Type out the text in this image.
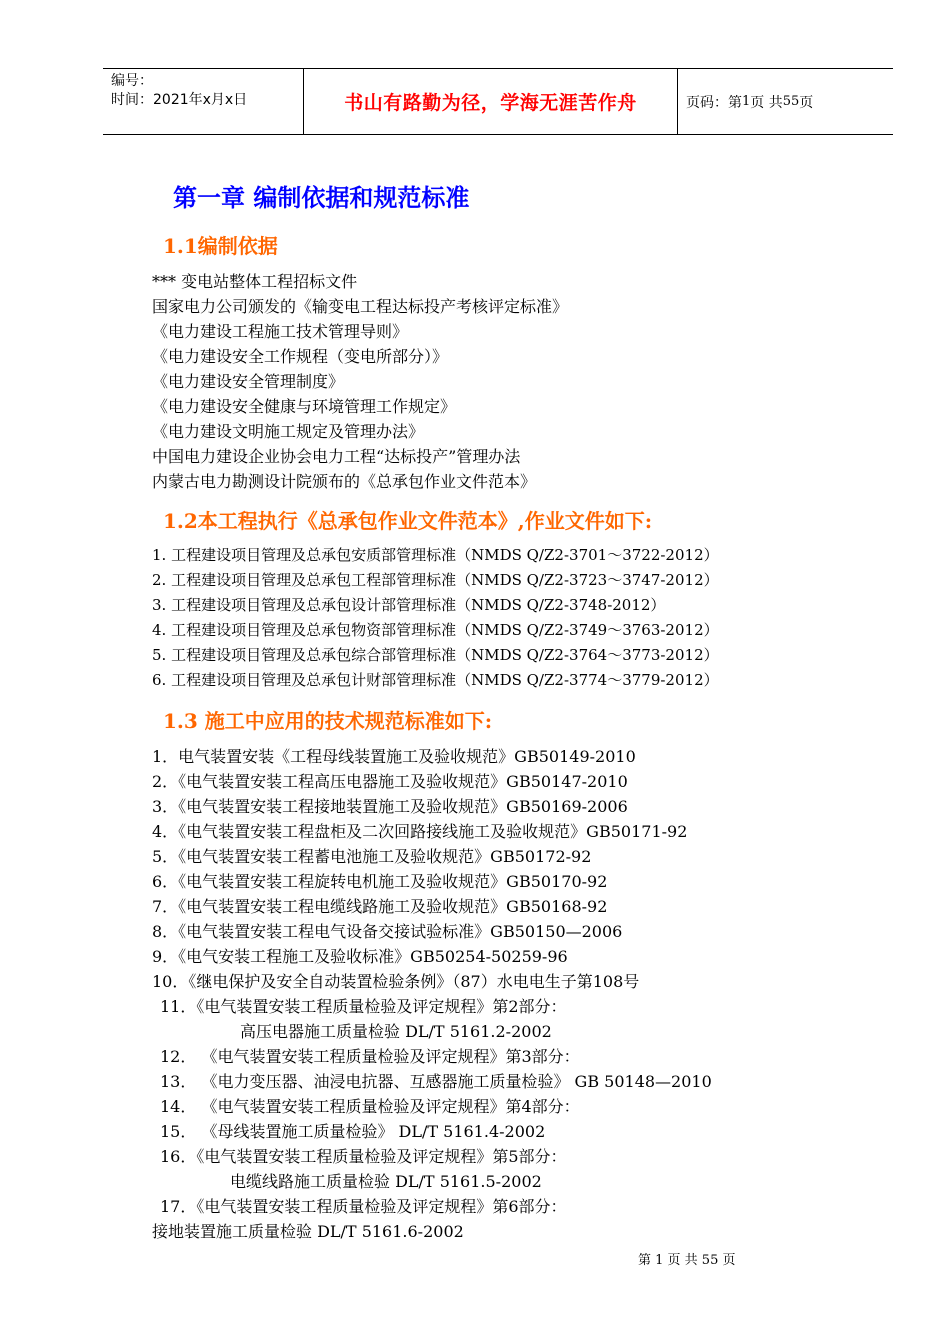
编号：
时间：2021年x月x日	书山有路勤为径，学海无涯苦作舟	页码：第 1 页 共 55 页
第一章 编制依据和规范标准
1.1编制依据
*** 变电站整体工程招标文件
国家电力公司颁发的《输变电工程达标投产考核评定标准》
《电力建设工程施工技术管理导则》
《电力建设安全工作规程（变电所部分）》
《电力建设安全管理制度》
《电力建设安全健康与环境管理工作规定》
《电力建设文明施工规定及管理办法》
中国电力建设企业协会电力工程“达标投产”管理办法
内蒙古电力勘测设计院颁布的《总承包作业文件范本》
1.2本工程执行《总承包作业文件范本》,作业文件如下:
1. 工程建设项目管理及总承包安质部管理标准（NMDS Q/Z2-3701～3722-2012）
2. 工程建设项目管理及总承包工程部管理标准（NMDS Q/Z2-3723～3747-2012）
3. 工程建设项目管理及总承包设计部管理标准（NMDS Q/Z2-3748-2012）
4. 工程建设项目管理及总承包物资部管理标准（NMDS Q/Z2-3749～3763-2012）
5. 工程建设项目管理及总承包综合部管理标准（NMDS Q/Z2-3764～3773-2012）
6. 工程建设项目管理及总承包计财部管理标准（NMDS Q/Z2-3774～3779-2012）
1.3 施工中应用的技术规范标准如下:
1．电气装置安装《工程母线装置施工及验收规范》GB50149-2010
2．《电气装置安装工程高压电器施工及验收规范》GB50147-2010
3．《电气装置安装工程接地装置施工及验收规范》GB50169-2006
4．《电气装置安装工程盘柜及二次回路接线施工及验收规范》GB50171-92
5．《电气装置安装工程蓄电池施工及验收规范》GB50172-92
6．《电气装置安装工程旋转电机施工及验收规范》GB50170-92
7．《电气装置安装工程电缆线路施工及验收规范》GB50168-92
8．《电气装置安装工程电气设备交接试验标准》GB50150—2006
9．《电气安装工程施工及验收标准》GB50254-50259-96
10．《继电保护及安全自动装置检验条例》（87）水电电生子第108号
11．《电气装置安装工程质量检验及评定规程》第2部分：
高压电器施工质量检验 DL/T 5161.2-2002
12． 《电气装置安装工程质量检验及评定规程》第3部分：
13． 《电力变压器、油浸电抗器、互感器施工质量检验》 GB 50148—2010
14． 《电气装置安装工程质量检验及评定规程》第4部分：
15． 《母线装置施工质量检验》 DL/T 5161.4-2002
16．《电气装置安装工程质量检验及评定规程》第5部分：
电缆线路施工质量检验 DL/T 5161.5-2002
17．《电气装置安装工程质量检验及评定规程》第6部分：
接地装置施工质量检验 DL/T 5161.6-2002
第 1 页 共 55 页
